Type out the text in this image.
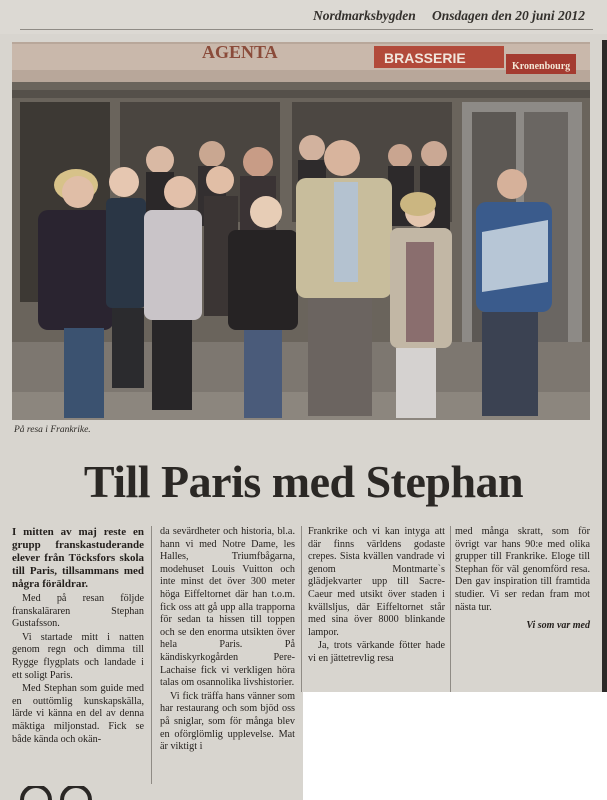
Nordmarksbygden Onsdagen den 20 juni 2012
AGENTA	BRASSERIE
Kronenbourg
På resa i Frankrike.
Till Paris med Stephan

I mitten av maj reste en grupp franskastuderande elever från Töcksfors skola till Paris, tillsammans med några föräldrar.

Med på resan följde franskaläraren Stephan Gustafsson.

Vi startade mitt i natten genom regn och dimma till Rygge flygplats och landade i ett soligt Paris.

Med Stephan som guide med en outtömlig kunskapskälla, lärde vi känna en del av denna mäktiga miljonstad. Fick se både kända och okän-

da sevärdheter och historia, bl.a. hann vi med Notre Dame, les Halles, Triumfbågarna, modehuset Louis Vuitton och inte minst det över 300 meter höga Eiffeltornet där han t.o.m. fick oss att gå upp alla trapporna för sedan ta hissen till toppen och se den enorma utsikten över hela Paris. På kändiskyrkogården Pere-Lachaise fick vi verkligen höra talas om osannolika livshistorier.

Vi fick träffa hans vänner som har restaurang och som bjöd oss på sniglar, som för många blev en oförglömlig upplevelse. Mat är viktigt i

Frankrike och vi kan intyga att där finns världens godaste crepes. Sista kvällen vandrade vi genom Montmarte`s glädjekvarter upp till Sacre-Caeur med utsikt över staden i kvällsljus, där Eiffeltornet står med sina över 8000 blinkande lampor.

Ja, trots värkande fötter hade vi en jättetrevlig resa

med många skratt, som för övrigt var hans 90:e med olika grupper till Frankrike. Eloge till Stephan för väl genomförd resa. Den gav inspiration till framtida studier. Vi ser redan fram mot nästa tur.

Vi som var med
